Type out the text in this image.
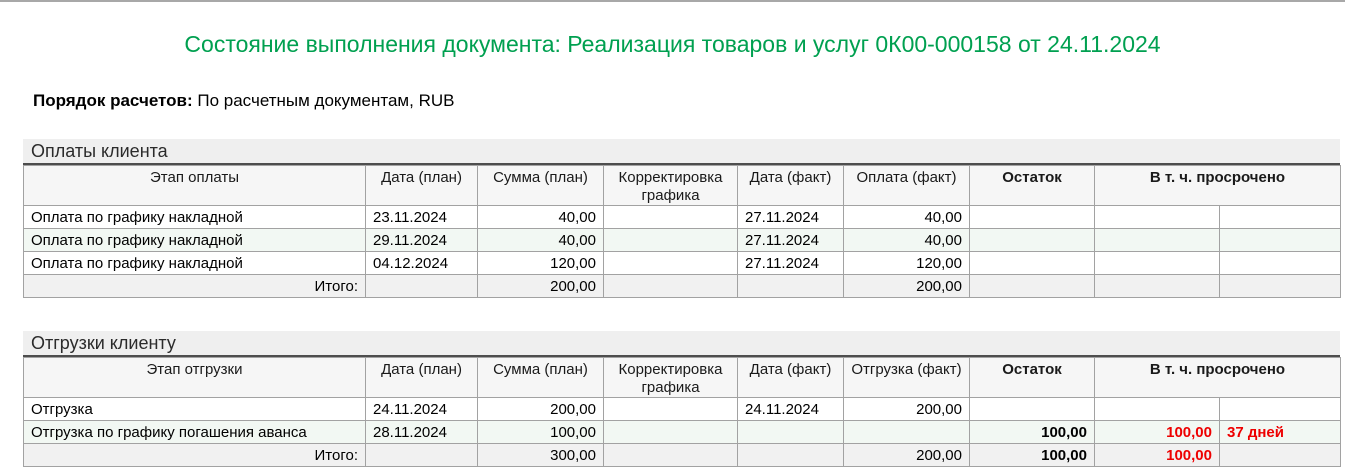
Состояние выполнения документа: Реализация товаров и услуг 0К00-000158 от 24.11.2024
Порядок расчетов: По расчетным документам, RUB
Оплаты клиента
Этап оплаты	Дата (план)	Сумма (план)	Корректировка графика	Дата (факт)	Оплата (факт)	Остаток	В т. ч. просрочено	
Оплата по графику накладной	23.11.2024	40,00		27.11.2024	40,00			
Оплата по графику накладной	29.11.2024	40,00		27.11.2024	40,00			
Оплата по графику накладной	04.12.2024	120,00		27.11.2024	120,00			
Итого:		200,00			200,00			
Отгрузки клиенту
Этап отгрузки	Дата (план)	Сумма (план)	Корректировка графика	Дата (факт)	Отгрузка (факт)	Остаток	В т. ч. просрочено	
Отгрузка	24.11.2024	200,00		24.11.2024	200,00			
Отгрузка по графику погашения аванса	28.11.2024	100,00				100,00	100,00	37 дней
Итого:		300,00			200,00	100,00	100,00	
